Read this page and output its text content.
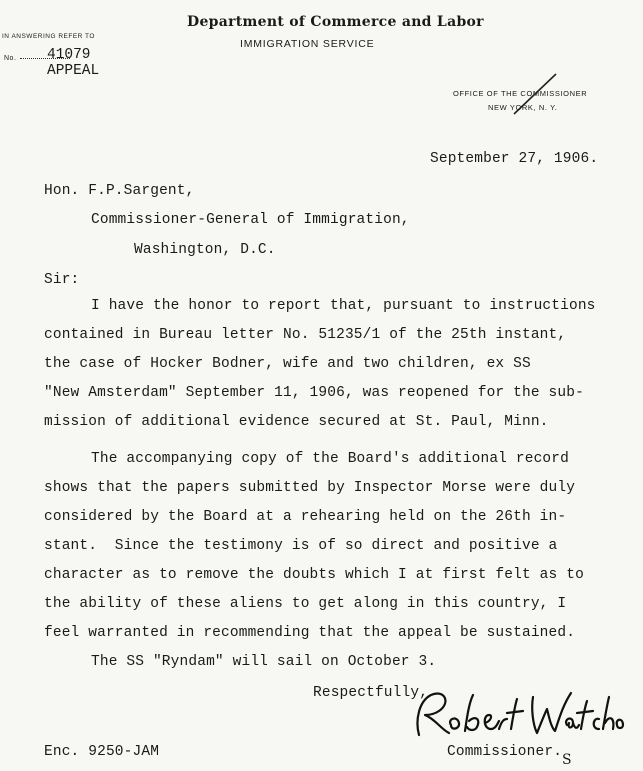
Department of Commerce and Labor
IMMIGRATION SERVICE
IN ANSWERING REFER TO
No. 41079
APPEAL
OFFICE OF THE COMMISSIONER
NEW YORK, N. Y.
September 27, 1906.
Hon. F.P.Sargent,
Commissioner-General of Immigration,
Washington, D.C.
Sir:
I have the honor to report that, pursuant to instructions
contained in Bureau letter No. 51235/1 of the 25th instant,
the case of Hocker Bodner, wife and two children, ex SS
"New Amsterdam" September 11, 1906, was reopened for the sub-
mission of additional evidence secured at St. Paul, Minn.
The accompanying copy of the Board's additional record
shows that the papers submitted by Inspector Morse were duly
considered by the Board at a rehearing held on the 26th in-
stant.  Since the testimony is of so direct and positive a
character as to remove the doubts which I at first felt as to
the ability of these aliens to get along in this country, I
feel warranted in recommending that the appeal be sustained.
The SS "Ryndam" will sail on October 3.
Respectfully,
Enc. 9250-JAM	Commissioner. S
